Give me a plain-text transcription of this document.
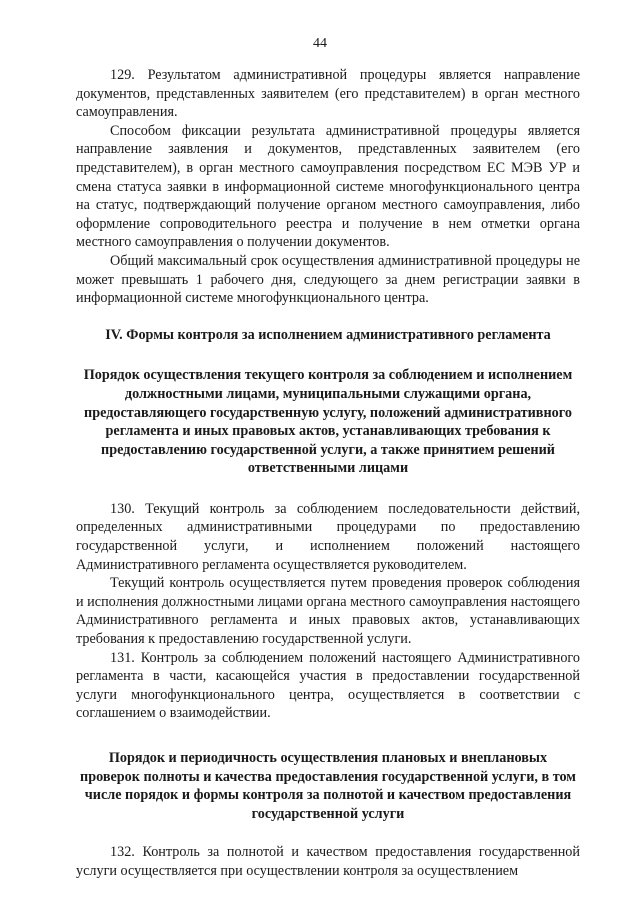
44

129. Результатом административной процедуры является направление документов, представленных заявителем (его представителем) в орган местного самоуправления.

Способом фиксации результата административной процедуры является направление заявления и документов, представленных заявителем (его представителем), в орган местного самоуправления посредством ЕС МЭВ УР и смена статуса заявки в информационной системе многофункционального центра на статус, подтверждающий получение органом местного самоуправления, либо оформление сопроводительного реестра и получение в нем отметки органа местного самоуправления о получении документов.

Общий максимальный срок осуществления административной процедуры не может превышать 1 рабочего дня, следующего за днем регистрации заявки в информационной системе многофункционального центра.

IV. Формы контроля за исполнением административного регламента
Порядок осуществления текущего контроля за соблюдением и исполнением должностными лицами, муниципальными служащими органа, предоставляющего государственную услугу, положений административного регламента и иных правовых актов, устанавливающих требования к предоставлению государственной услуги, а также принятием решений ответственными лицами

130. Текущий контроль за соблюдением последовательности действий, определенных административными процедурами по предоставлению государственной услуги, и исполнением положений настоящего Административного регламента осуществляется руководителем.

Текущий контроль осуществляется путем проведения проверок соблюдения и исполнения должностными лицами органа местного самоуправления настоящего Административного регламента и иных правовых актов, устанавливающих требования к предоставлению государственной услуги.

131. Контроль за соблюдением положений настоящего Административного регламента в части, касающейся участия в предоставлении государственной услуги многофункционального центра, осуществляется в соответствии с соглашением о взаимодействии.

Порядок и периодичность осуществления плановых и внеплановых проверок полноты и качества предоставления государственной услуги, в том числе порядок и формы контроля за полнотой и качеством предоставления государственной услуги

132. Контроль за полнотой и качеством предоставления государственной услуги осуществляется при осуществлении контроля за осуществлением
